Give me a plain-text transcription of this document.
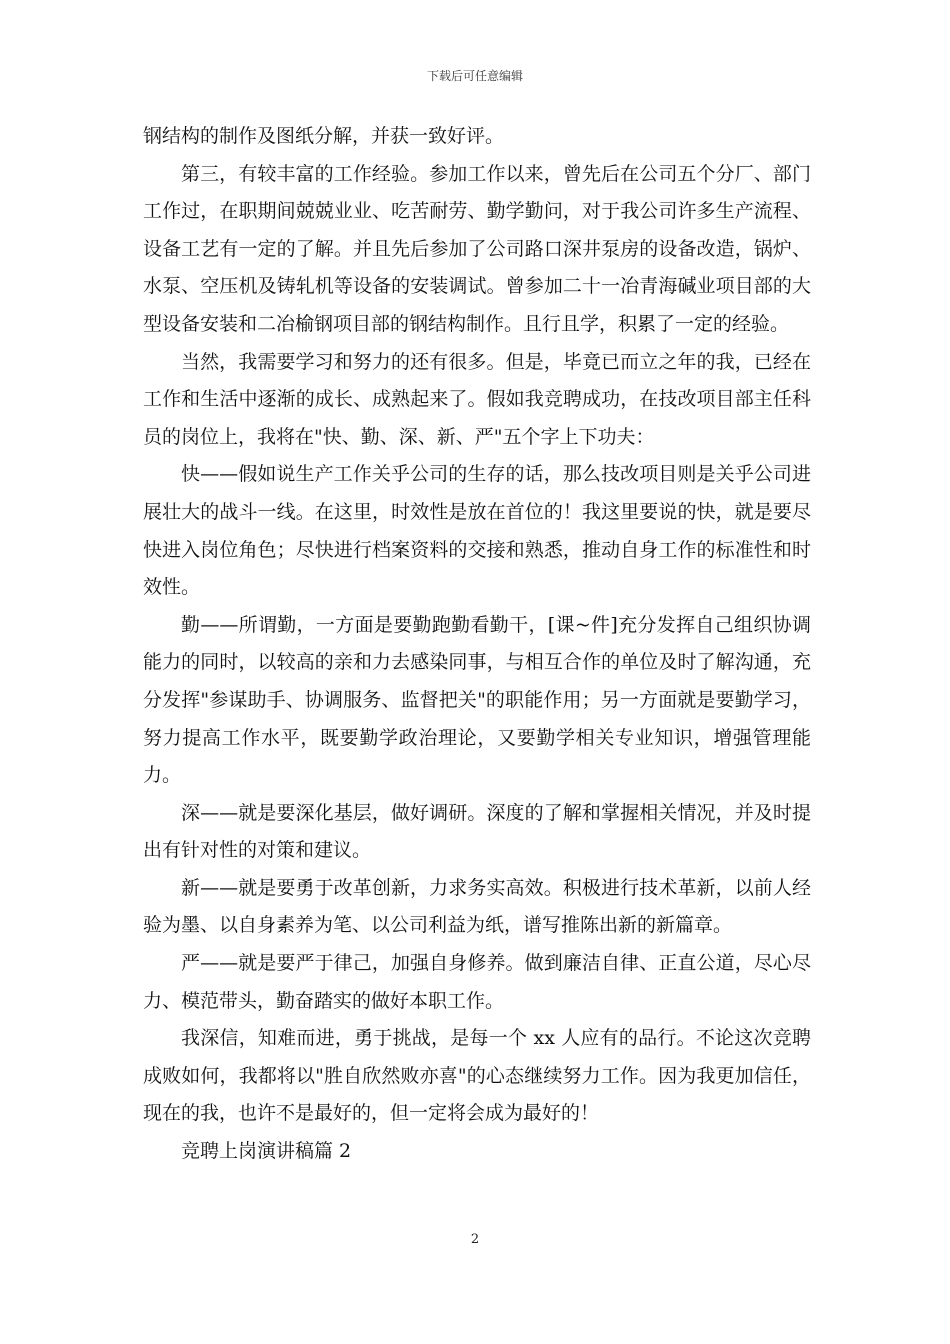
下载后可任意编辑

钢结构的制作及图纸分解，并获一致好评。

第三，有较丰富的工作经验。参加工作以来，曾先后在公司五个分厂、部门工作过，在职期间兢兢业业、吃苦耐劳、勤学勤问，对于我公司许多生产流程、设备工艺有一定的了解。并且先后参加了公司路口深井泵房的设备改造，锅炉、水泵、空压机及铸轧机等设备的安装调试。曾参加二十一冶青海碱业项目部的大型设备安装和二冶榆钢项目部的钢结构制作。且行且学，积累了一定的经验。

当然，我需要学习和努力的还有很多。但是，毕竟已而立之年的我，已经在工作和生活中逐渐的成长、成熟起来了。假如我竞聘成功，在技改项目部主任科员的岗位上，我将在"快、勤、深、新、严"五个字上下功夫：

快——假如说生产工作关乎公司的生存的话，那么技改项目则是关乎公司进展壮大的战斗一线。在这里，时效性是放在首位的！我这里要说的快，就是要尽快进入岗位角色；尽快进行档案资料的交接和熟悉，推动自身工作的标准性和时效性。

勤——所谓勤，一方面是要勤跑勤看勤干，[课~件]充分发挥自己组织协调能力的同时，以较高的亲和力去感染同事，与相互合作的单位及时了解沟通，充分发挥"参谋助手、协调服务、监督把关"的职能作用；另一方面就是要勤学习，努力提高工作水平，既要勤学政治理论，又要勤学相关专业知识，增强管理能力。

深——就是要深化基层，做好调研。深度的了解和掌握相关情况，并及时提出有针对性的对策和建议。

新——就是要勇于改革创新，力求务实高效。积极进行技术革新，以前人经验为墨、以自身素养为笔、以公司利益为纸，谱写推陈出新的新篇章。

严——就是要严于律己，加强自身修养。做到廉洁自律、正直公道，尽心尽力、模范带头，勤奋踏实的做好本职工作。

我深信，知难而进，勇于挑战，是每一个 xx 人应有的品行。不论这次竞聘成败如何，我都将以"胜自欣然败亦喜"的心态继续努力工作。因为我更加信任，现在的我，也许不是最好的，但一定将会成为最好的！

竞聘上岗演讲稿篇 2

2
